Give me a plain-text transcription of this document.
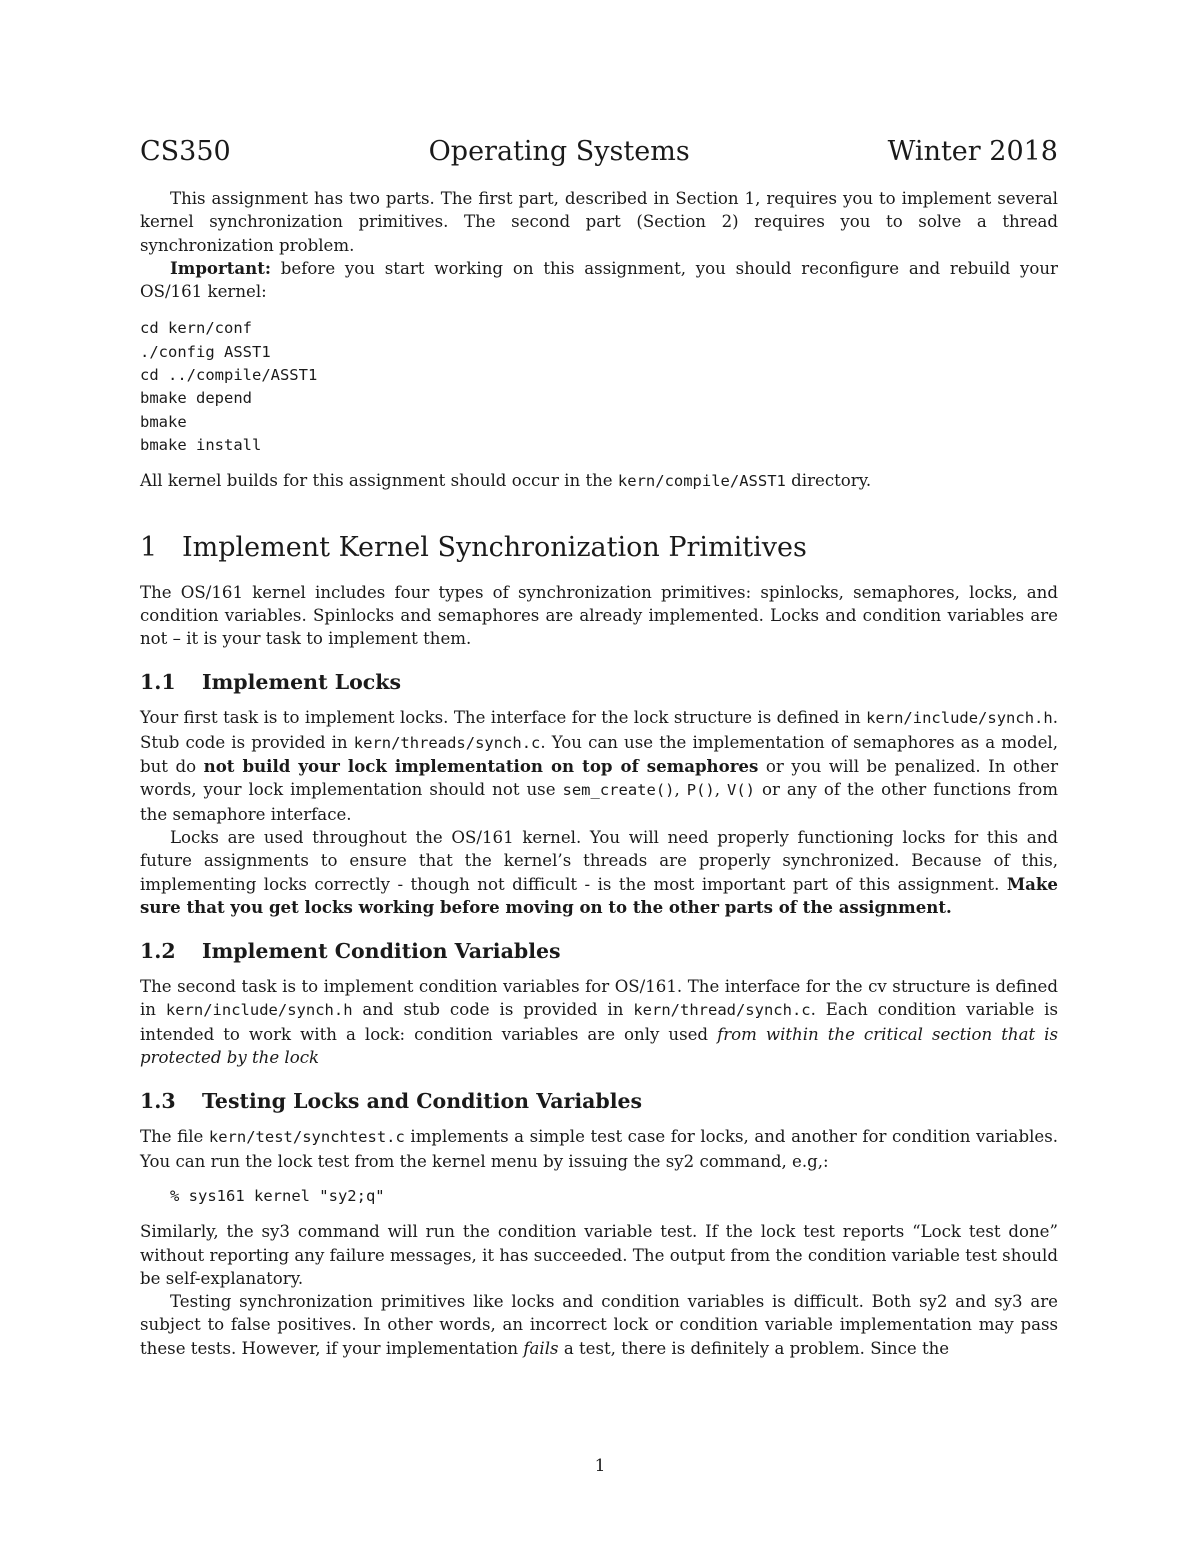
CS350	Operating Systems	Winter 2018

This assignment has two parts. The first part, described in Section 1, requires you to implement several kernel synchronization primitives. The second part (Section 2) requires you to solve a thread synchronization problem.

Important: before you start working on this assignment, you should reconfigure and rebuild your OS/161 kernel:

cd kern/conf
./config ASST1
cd ../compile/ASST1
bmake depend
bmake
bmake install

All kernel builds for this assignment should occur in the kern/compile/ASST1 directory.

1 Implement Kernel Synchronization Primitives

The OS/161 kernel includes four types of synchronization primitives: spinlocks, semaphores, locks, and condition variables. Spinlocks and semaphores are already implemented. Locks and condition variables are not – it is your task to implement them.

1.1	Implement Locks

Your first task is to implement locks. The interface for the lock structure is defined in kern/include/synch.h. Stub code is provided in kern/threads/synch.c. You can use the implementation of semaphores as a model, but do not build your lock implementation on top of semaphores or you will be penalized. In other words, your lock implementation should not use sem_create(), P(), V() or any of the other functions from the semaphore interface.

Locks are used throughout the OS/161 kernel. You will need properly functioning locks for this and future assignments to ensure that the kernel’s threads are properly synchronized. Because of this, implementing locks correctly - though not difficult - is the most important part of this assignment. Make sure that you get locks working before moving on to the other parts of the assignment.

1.2	Implement Condition Variables

The second task is to implement condition variables for OS/161. The interface for the cv structure is defined in kern/include/synch.h and stub code is provided in kern/thread/synch.c. Each condition variable is intended to work with a lock: condition variables are only used from within the critical section that is protected by the lock

1.3	Testing Locks and Condition Variables

The file kern/test/synchtest.c implements a simple test case for locks, and another for condition variables. You can run the lock test from the kernel menu by issuing the sy2 command, e.g,:

% sys161 kernel "sy2;q"

Similarly, the sy3 command will run the condition variable test. If the lock test reports “Lock test done” without reporting any failure messages, it has succeeded. The output from the condition variable test should be self-explanatory.

Testing synchronization primitives like locks and condition variables is difficult. Both sy2 and sy3 are subject to false positives. In other words, an incorrect lock or condition variable implementation may pass these tests. However, if your implementation fails a test, there is definitely a problem. Since the

1
